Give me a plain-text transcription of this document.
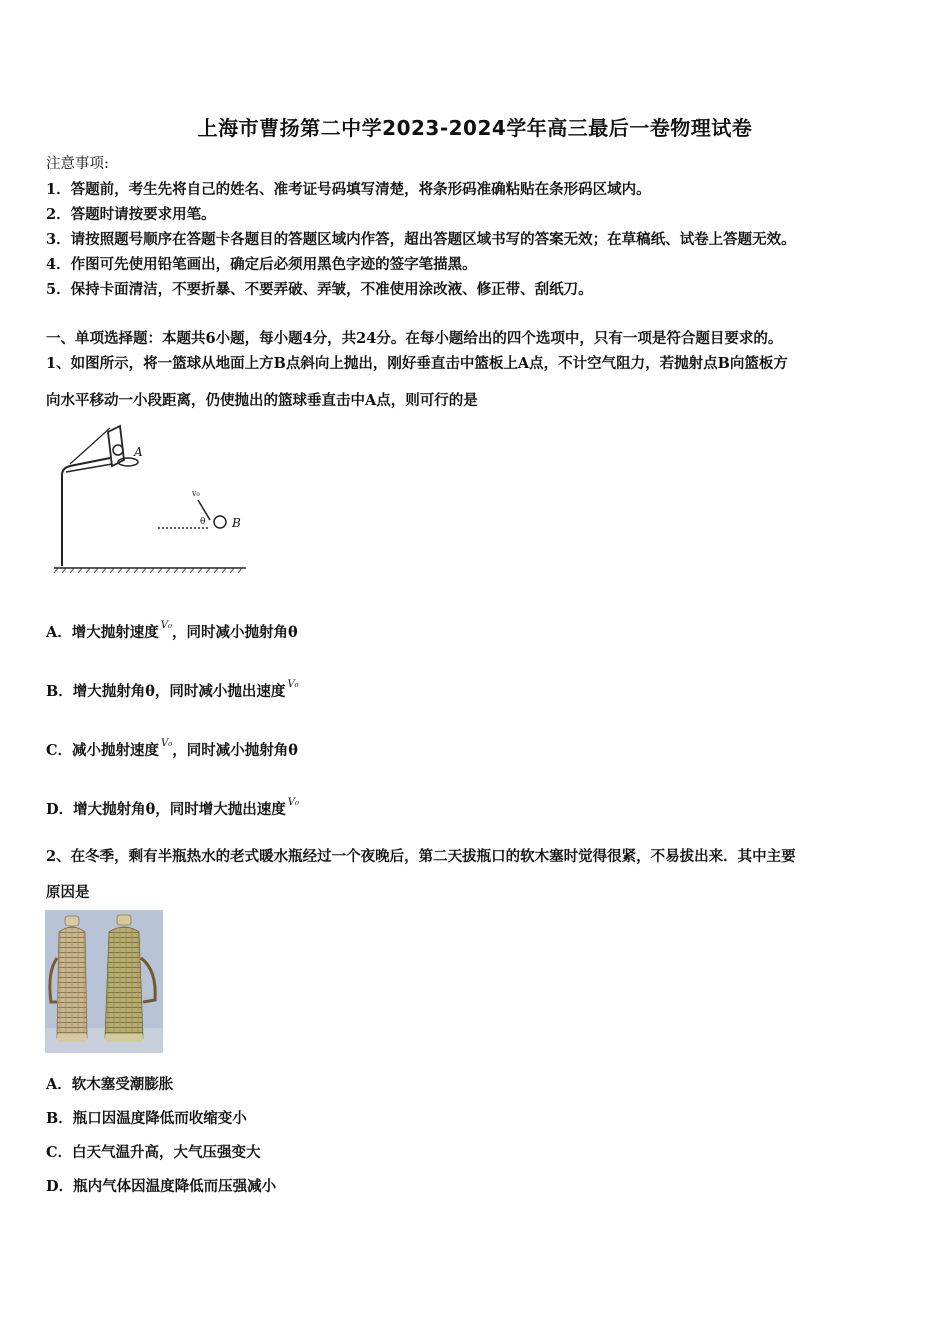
上海市曹扬第二中学2023-2024学年高三最后一卷物理试卷
注意事项:
1．答题前，考生先将自己的姓名、准考证号码填写清楚，将条形码准确粘贴在条形码区域内。
2．答题时请按要求用笔。
3．请按照题号顺序在答题卡各题目的答题区域内作答，超出答题区域书写的答案无效；在草稿纸、试卷上答题无效。
4．作图可先使用铅笔画出，确定后必须用黑色字迹的签字笔描黑。
5．保持卡面清洁，不要折暴、不要弄破、弄皱，不准使用涂改液、修正带、刮纸刀。
一、单项选择题：本题共6小题，每小题4分，共24分。在每小题给出的四个选项中，只有一项是符合题目要求的。
1、如图所示，将一篮球从地面上方B点斜向上抛出，刚好垂直击中篮板上A点，不计空气阻力，若抛射点B向篮板方
向水平移动一小段距离，仍使抛出的篮球垂直击中A点，则可行的是
A
v₀
θ B
A．增大抛射速度 $^{V_0}$，同时减小抛射角θ
B．增大抛射角θ，同时减小抛出速度 $^{V_0}$
C．减小抛射速度 $^{V_0}$，同时减小抛射角θ
D．增大抛射角θ，同时增大抛出速度 $^{V_0}$
2、在冬季，剩有半瓶热水的老式暖水瓶经过一个夜晚后，第二天拔瓶口的软木塞时觉得很紧，不易拔出来．其中主要
原因是
A．软木塞受潮膨胀
B．瓶口因温度降低而收缩变小
C．白天气温升高，大气压强变大
D．瓶内气体因温度降低而压强减小
